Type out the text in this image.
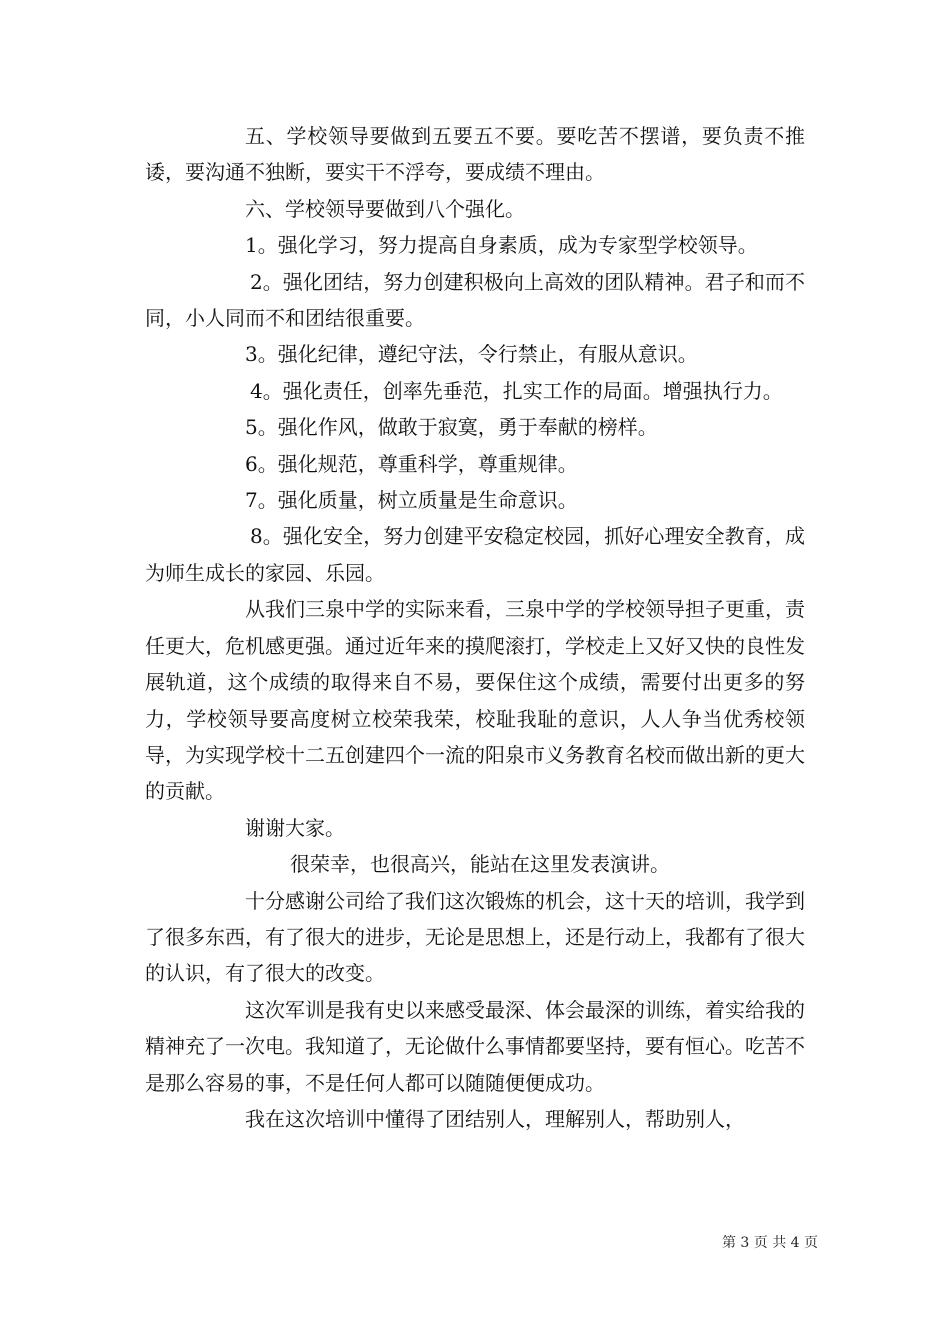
五、学校领导要做到五要五不要。要吃苦不摆谱，要负责不推诿，要沟通不独断，要实干不浮夸，要成绩不理由。

六、学校领导要做到八个强化。

1。强化学习，努力提高自身素质，成为专家型学校领导。

2。强化团结，努力创建积极向上高效的团队精神。君子和而不同，小人同而不和团结很重要。

3。强化纪律，遵纪守法，令行禁止，有服从意识。

4。强化责任，创率先垂范，扎实工作的局面。增强执行力。

5。强化作风，做敢于寂寞，勇于奉献的榜样。

6。强化规范，尊重科学，尊重规律。

7。强化质量，树立质量是生命意识。

8。强化安全，努力创建平安稳定校园，抓好心理安全教育，成为师生成长的家园、乐园。

从我们三泉中学的实际来看，三泉中学的学校领导担子更重，责任更大，危机感更强。通过近年来的摸爬滚打，学校走上又好又快的良性发展轨道，这个成绩的取得来自不易，要保住这个成绩，需要付出更多的努力，学校领导要高度树立校荣我荣，校耻我耻的意识，人人争当优秀校领导，为实现学校十二五创建四个一流的阳泉市义务教育名校而做出新的更大的贡献。

谢谢大家。

很荣幸，也很高兴，能站在这里发表演讲。

十分感谢公司给了我们这次锻炼的机会，这十天的培训，我学到了很多东西，有了很大的进步，无论是思想上，还是行动上，我都有了很大的认识，有了很大的改变。

这次军训是我有史以来感受最深、体会最深的训练，着实给我的精神充了一次电。我知道了，无论做什么事情都要坚持，要有恒心。吃苦不是那么容易的事，不是任何人都可以随随便便成功。

我在这次培训中懂得了团结别人，理解别人，帮助别人，

第 3 页 共 4 页
